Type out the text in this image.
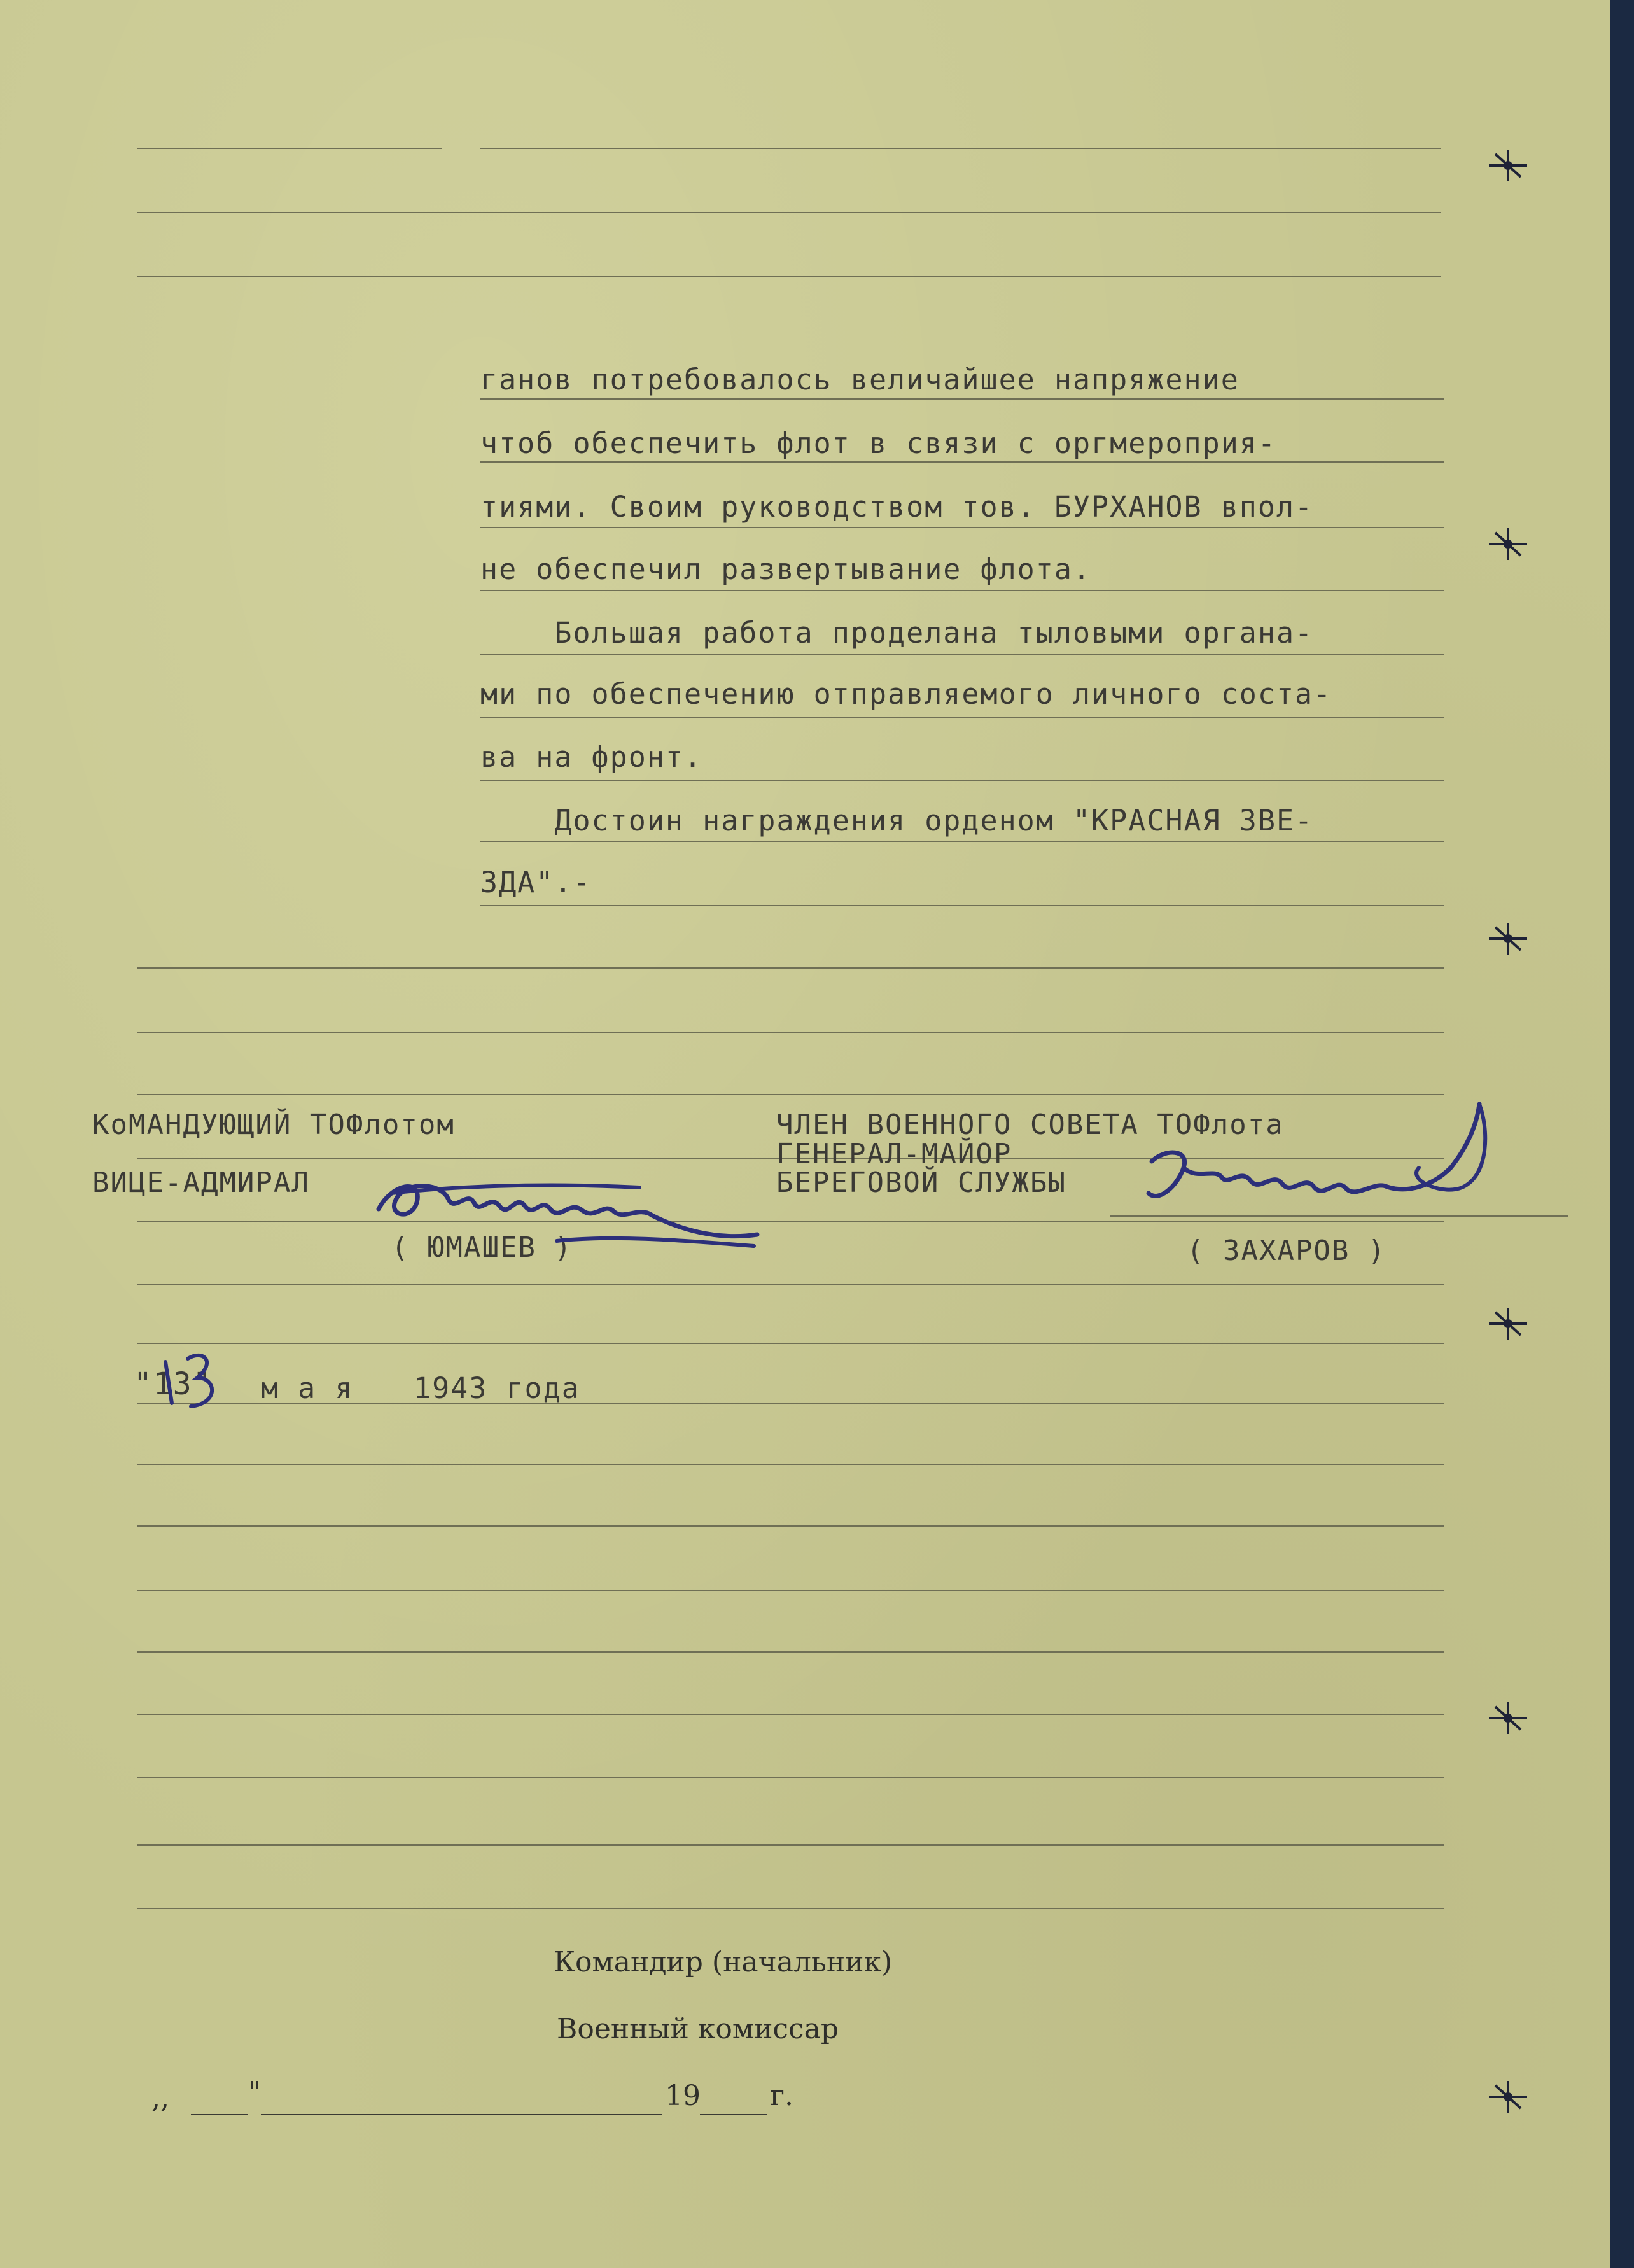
ганов потребовалось величайшее напряжение
чтоб обеспечить флот в связи с оргмероприя-
тиями. Своим руководством тов. БУРХАНОВ впол-
не обеспечил развертывание флота.
Большая работа проделана тыловыми органа-
ми по обеспечению отправляемого личного соста-
ва на фронт.
Достоин награждения орденом "КРАСНАЯ ЗВЕ-
ЗДА".-
КоМАНДУЮЩИЙ ТОФлотом
ВИЦЕ-АДМИРАЛ
( ЮМАШЕВ )
ЧЛЕН ВОЕННОГО СОВЕТА ТОФлота
ГЕНЕРАЛ-МАЙОР
БЕРЕГОВОЙ СЛУЖБЫ
( ЗАХАРОВ )
"13" м а я 1943 года
Командир (начальник)
Военный комиссар
,,	"	19 г.
